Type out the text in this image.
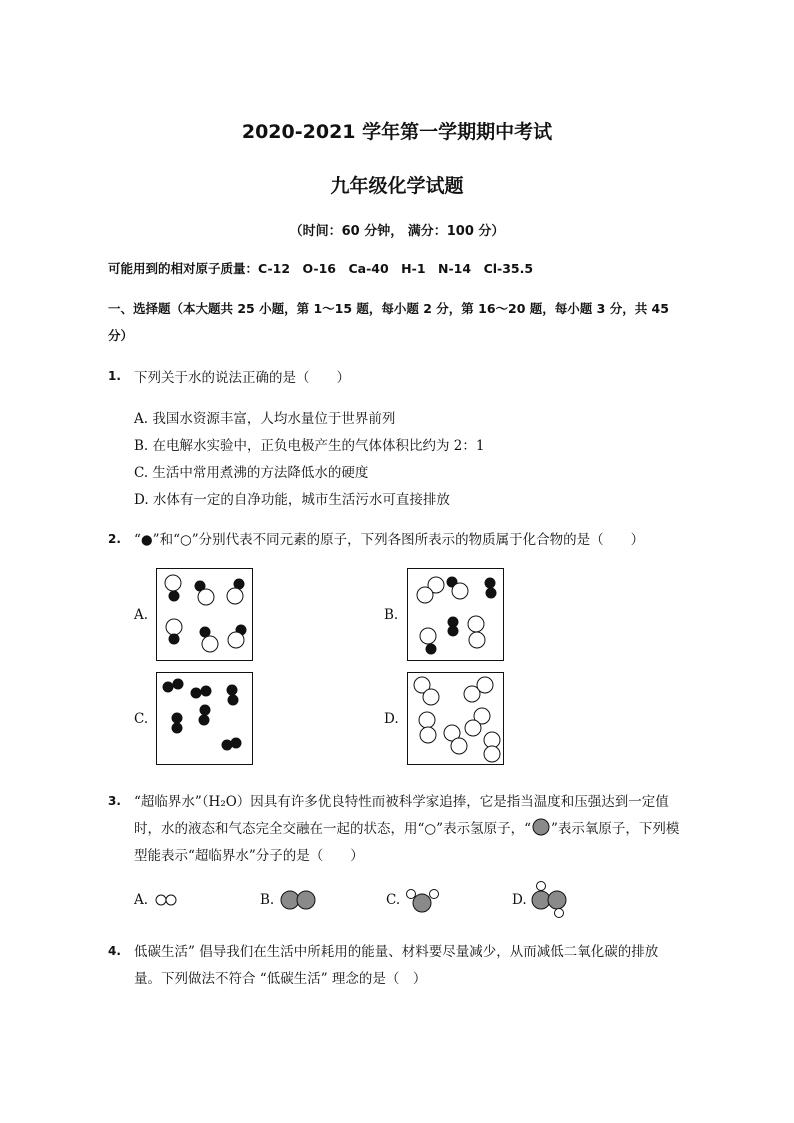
2020-2021 学年第一学期期中考试
九年级化学试题
（时间：60 分钟， 满分：100 分）
可能用到的相对原子质量：C-12　O-16　Ca-40　H-1　N-14　Cl-35.5
一、选择题（本大题共 25 小题，第 1～15 题，每小题 2 分，第 16～20 题，每小题 3 分，共 45
分）
1. 下列关于水的说法正确的是（　　）
A. 我国水资源丰富，人均水量位于世界前列
B. 在电解水实验中，正负电极产生的气体体积比约为 2：1
C. 生活中常用煮沸的方法降低水的硬度
D. 水体有一定的自净功能，城市生活污水可直接排放
2. “●”和“○”分别代表不同元素的原子，下列各图所表示的物质属于化合物的是（　　）
A.	B.
C.	D.
3. “超临界水”（H₂O）因具有许多优良特性而被科学家追捧，它是指当温度和压强达到一定值
时，水的液态和气态完全交融在一起的状态，用“○”表示氢原子，“ ”表示氧原子，下列模
型能表示“超临界水”分子的是（　　）
A.	B.	C.	D.
4. 低碳生活” 倡导我们在生活中所耗用的能量、材料要尽量减少，从而减低二氧化碳的排放
量。下列做法不符合 “低碳生活” 理念的是（　）
